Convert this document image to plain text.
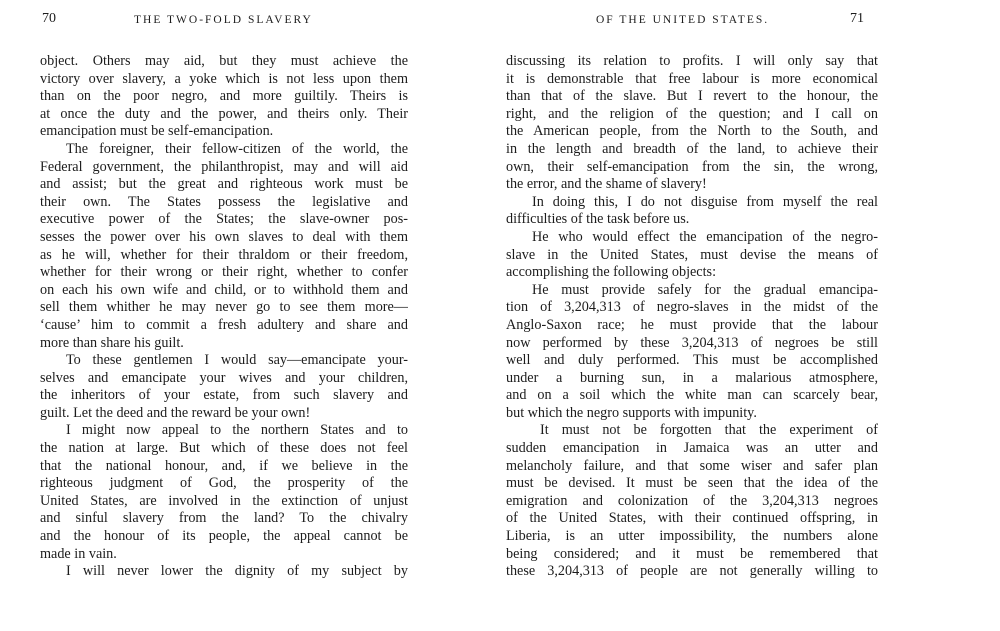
70	THE TWO-FOLD SLAVERY
object. Others may aid, but they must achieve the
victory over slavery, a yoke which is not less upon them
than on the poor negro, and more guiltily. Theirs is
at once the duty and the power, and theirs only. Their
emancipation must be self-emancipation.
The foreigner, their fellow-citizen of the world, the
Federal government, the philanthropist, may and will aid
and assist; but the great and righteous work must be
their own. The States possess the legislative and
executive power of the States; the slave-owner pos-
sesses the power over his own slaves to deal with them
as he will, whether for their thraldom or their freedom,
whether for their wrong or their right, whether to confer
on each his own wife and child, or to withhold them and
sell them whither he may never go to see them more—
‘cause’ him to commit a fresh adultery and share and
more than share his guilt.
To these gentlemen I would say—emancipate your-
selves and emancipate your wives and your children,
the inheritors of your estate, from such slavery and
guilt. Let the deed and the reward be your own!
I might now appeal to the northern States and to
the nation at large. But which of these does not feel
that the national honour, and, if we believe in the
righteous judgment of God, the prosperity of the
United States, are involved in the extinction of unjust
and sinful slavery from the land? To the chivalry
and the honour of its people, the appeal cannot be
made in vain.
I will never lower the dignity of my subject by
OF THE UNITED STATES.	71
discussing its relation to profits. I will only say that
it is demonstrable that free labour is more economical
than that of the slave. But I revert to the honour, the
right, and the religion of the question; and I call on
the American people, from the North to the South, and
in the length and breadth of the land, to achieve their
own, their self-emancipation from the sin, the wrong,
the error, and the shame of slavery!
In doing this, I do not disguise from myself the real
difficulties of the task before us.
He who would effect the emancipation of the negro-
slave in the United States, must devise the means of
accomplishing the following objects:
He must provide safely for the gradual emancipa-
tion of 3,204,313 of negro-slaves in the midst of the
Anglo-Saxon race; he must provide that the labour
now performed by these 3,204,313 of negroes be still
well and duly performed. This must be accomplished
under a burning sun, in a malarious atmosphere,
and on a soil which the white man can scarcely bear,
but which the negro supports with impunity.
It must not be forgotten that the experiment of
sudden emancipation in Jamaica was an utter and
melancholy failure, and that some wiser and safer plan
must be devised. It must be seen that the idea of the
emigration and colonization of the 3,204,313 negroes
of the United States, with their continued offspring, in
Liberia, is an utter impossibility, the numbers alone
being considered; and it must be remembered that
these 3,204,313 of people are not generally willing to
